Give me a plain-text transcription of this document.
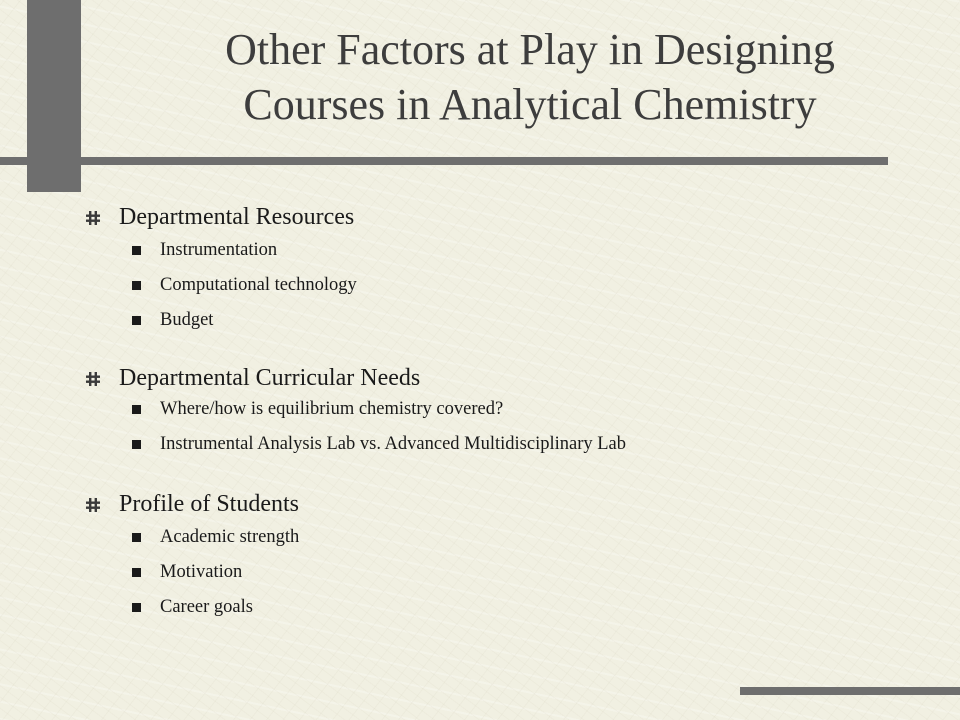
Other Factors at Play in Designing
Courses in Analytical Chemistry
Departmental Resources
Instrumentation
Computational technology
Budget
Departmental Curricular Needs
Where/how is equilibrium chemistry covered?
Instrumental Analysis Lab vs. Advanced Multidisciplinary Lab
Profile of Students
Academic strength
Motivation
Career goals
